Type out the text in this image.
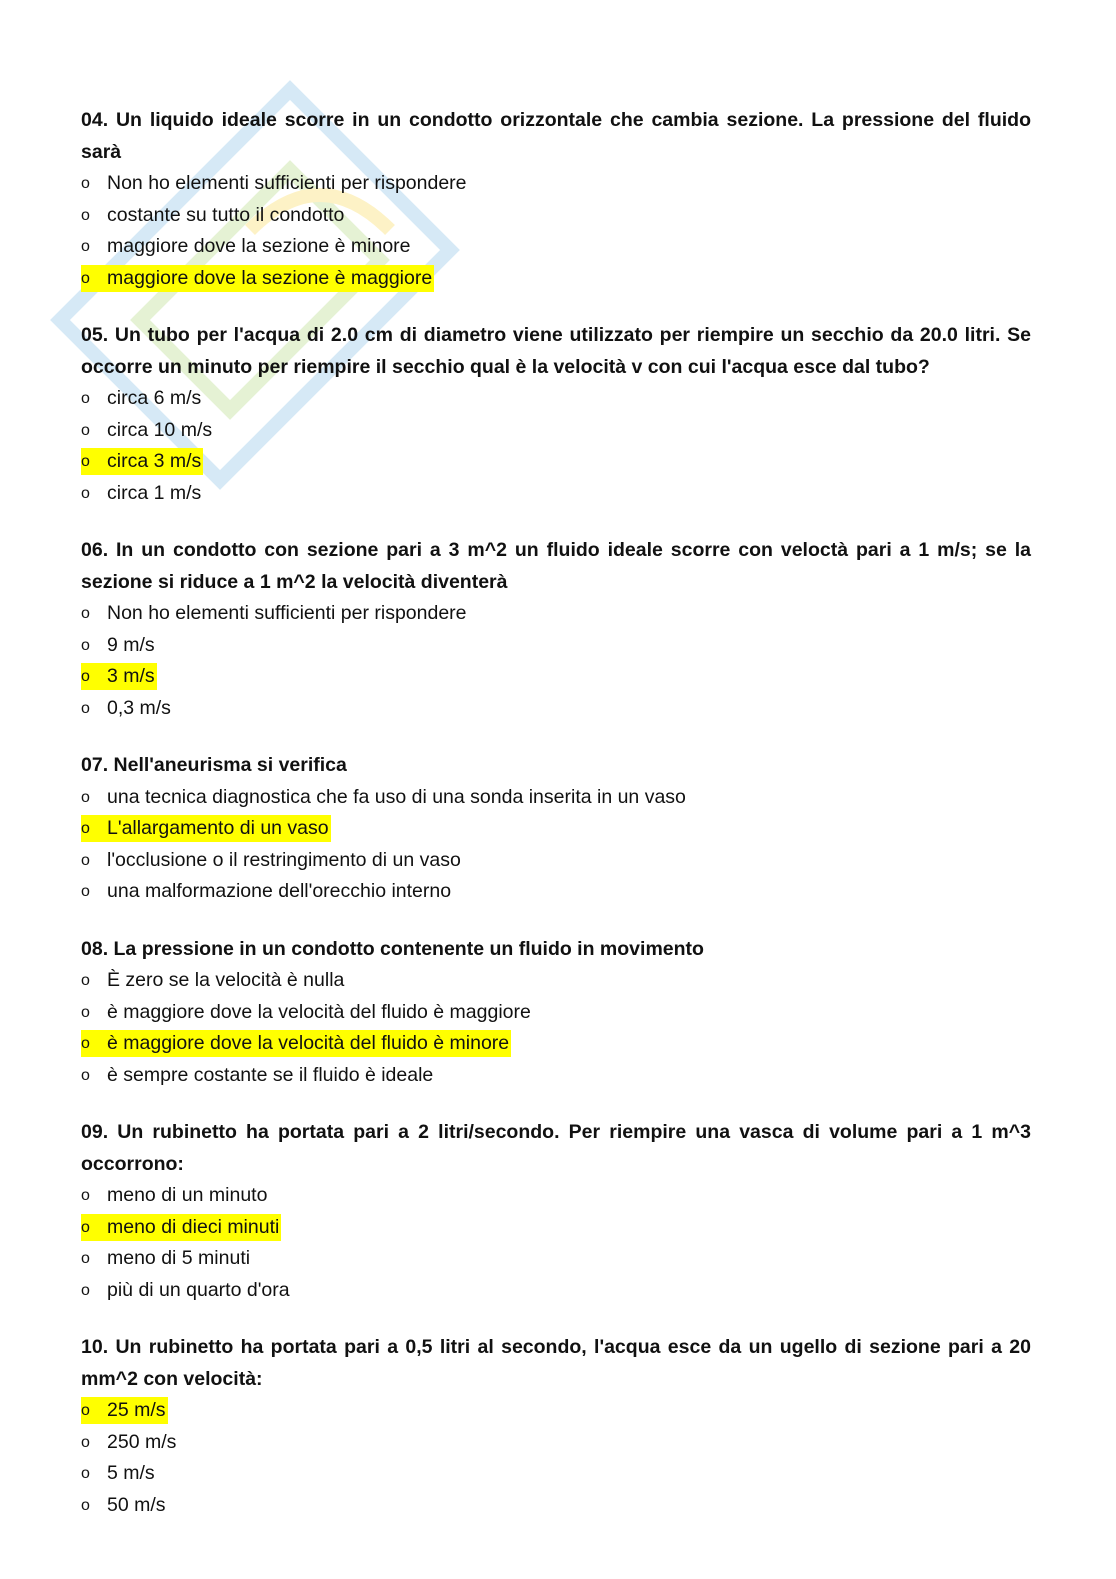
04. Un liquido ideale scorre in un condotto orizzontale che cambia sezione. La pressione del fluido sarà

o Non ho elementi sufficienti per rispondere
o costante su tutto il condotto
o maggiore dove la sezione è minore
o maggiore dove la sezione è maggiore

05. Un tubo per l'acqua di 2.0 cm di diametro viene utilizzato per riempire un secchio da 20.0 litri. Se occorre un minuto per riempire il secchio qual è la velocità v con cui l'acqua esce dal tubo?

o circa 6 m/s
o circa 10 m/s
o circa 3 m/s
o circa 1 m/s

06. In un condotto con sezione pari a 3 m^2 un fluido ideale scorre con veloctà pari a 1 m/s; se la sezione si riduce a 1 m^2 la velocità diventerà

o Non ho elementi sufficienti per rispondere
o 9 m/s
o 3 m/s
o 0,3 m/s

07. Nell'aneurisma si verifica

o una tecnica diagnostica che fa uso di una sonda inserita in un vaso
o L'allargamento di un vaso
o l'occlusione o il restringimento di un vaso
o una malformazione dell'orecchio interno

08. La pressione in un condotto contenente un fluido in movimento

o È zero se la velocità è nulla
o è maggiore dove la velocità del fluido è maggiore
o è maggiore dove la velocità del fluido è minore
o è sempre costante se il fluido è ideale

09. Un rubinetto ha portata pari a 2 litri/secondo. Per riempire una vasca di volume pari a 1 m^3 occorrono:

o meno di un minuto
o meno di dieci minuti
o meno di 5 minuti
o più di un quarto d'ora

10. Un rubinetto ha portata pari a 0,5 litri al secondo, l'acqua esce da un ugello di sezione pari a 20 mm^2 con velocità:

o 25 m/s
o 250 m/s
o 5 m/s
o 50 m/s
